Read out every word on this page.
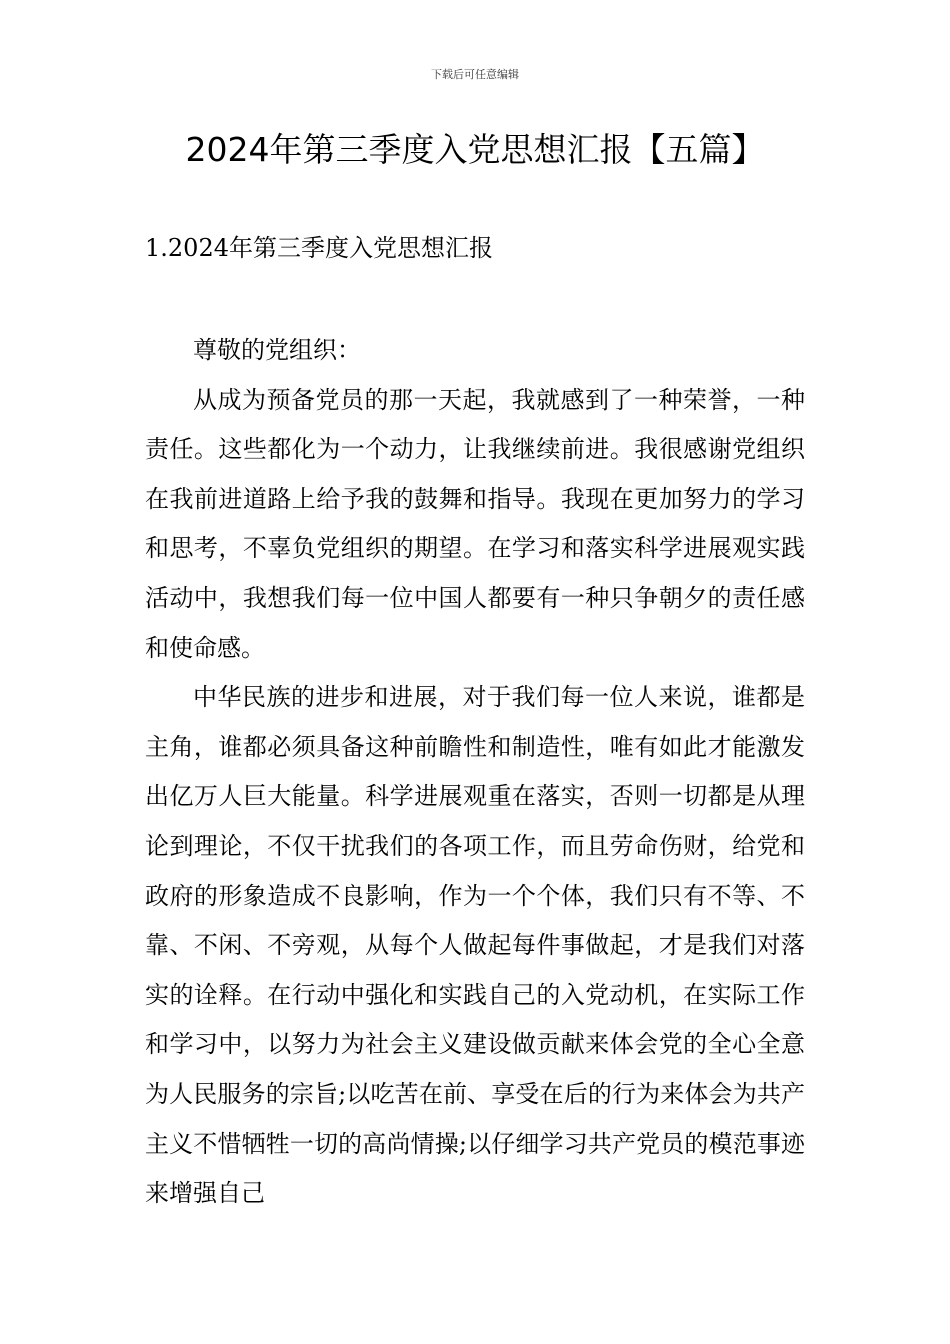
下载后可任意编辑
2024年第三季度入党思想汇报【五篇】
1.2024年第三季度入党思想汇报

尊敬的党组织：

从成为预备党员的那一天起，我就感到了一种荣誉，一种责任。这些都化为一个动力，让我继续前进。我很感谢党组织在我前进道路上给予我的鼓舞和指导。我现在更加努力的学习和思考，不辜负党组织的期望。在学习和落实科学进展观实践活动中，我想我们每一位中国人都要有一种只争朝夕的责任感和使命感。

中华民族的进步和进展，对于我们每一位人来说，谁都是主角，谁都必须具备这种前瞻性和制造性，唯有如此才能激发出亿万人巨大能量。科学进展观重在落实，否则一切都是从理论到理论，不仅干扰我们的各项工作，而且劳命伤财，给党和政府的形象造成不良影响，作为一个个体，我们只有不等、不靠、不闲、不旁观，从每个人做起每件事做起，才是我们对落实的诠释。在行动中强化和实践自己的入党动机，在实际工作和学习中，以努力为社会主义建设做贡献来体会党的全心全意为人民服务的宗旨;以吃苦在前、享受在后的行为来体会为共产主义不惜牺牲一切的高尚情操;以仔细学习共产党员的模范事迹来增强自己
